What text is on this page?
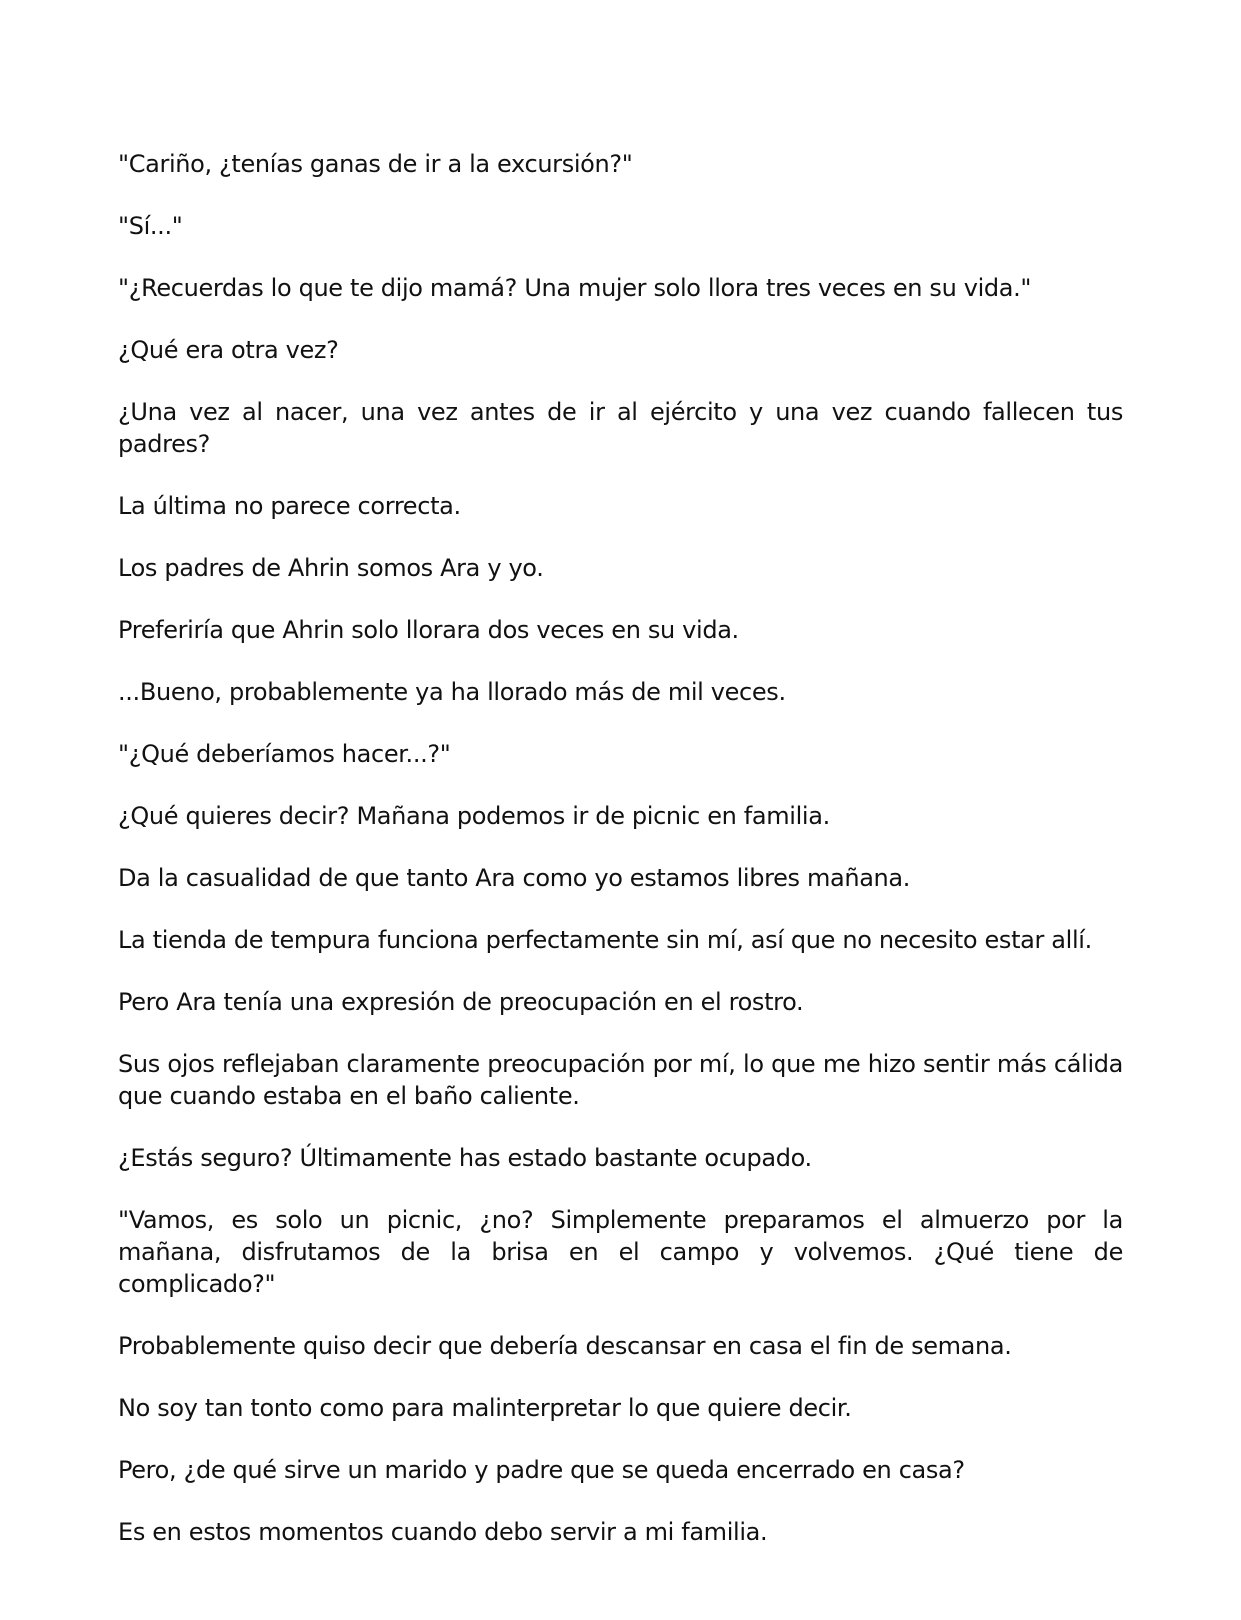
"Cariño, ¿tenías ganas de ir a la excursión?"

"Sí..."

"¿Recuerdas lo que te dijo mamá? Una mujer solo llora tres veces en su vida."

¿Qué era otra vez?

¿Una vez al nacer, una vez antes de ir al ejército y una vez cuando fallecen tus padres?

La última no parece correcta.

Los padres de Ahrin somos Ara y yo.

Preferiría que Ahrin solo llorara dos veces en su vida.

...Bueno, probablemente ya ha llorado más de mil veces.

"¿Qué deberíamos hacer...?"

¿Qué quieres decir? Mañana podemos ir de picnic en familia.

Da la casualidad de que tanto Ara como yo estamos libres mañana.

La tienda de tempura funciona perfectamente sin mí, así que no necesito estar allí.

Pero Ara tenía una expresión de preocupación en el rostro.

Sus ojos reflejaban claramente preocupación por mí, lo que me hizo sentir más cálida que cuando estaba en el baño caliente.

¿Estás seguro? Últimamente has estado bastante ocupado.

"Vamos, es solo un picnic, ¿no? Simplemente preparamos el almuerzo por la mañana, disfrutamos de la brisa en el campo y volvemos. ¿Qué tiene de complicado?"

Probablemente quiso decir que debería descansar en casa el fin de semana.

No soy tan tonto como para malinterpretar lo que quiere decir.

Pero, ¿de qué sirve un marido y padre que se queda encerrado en casa?

Es en estos momentos cuando debo servir a mi familia.
